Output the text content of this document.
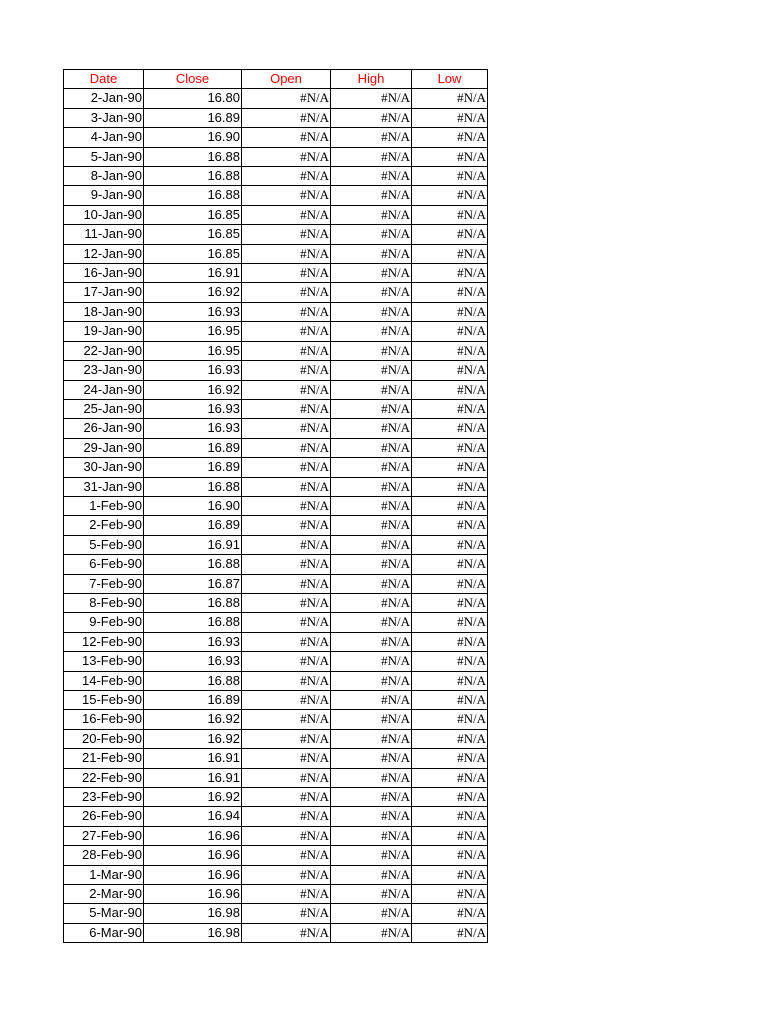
Date	Close	Open	High	Low
2-Jan-90	16.80	#N/A	#N/A	#N/A
3-Jan-90	16.89	#N/A	#N/A	#N/A
4-Jan-90	16.90	#N/A	#N/A	#N/A
5-Jan-90	16.88	#N/A	#N/A	#N/A
8-Jan-90	16.88	#N/A	#N/A	#N/A
9-Jan-90	16.88	#N/A	#N/A	#N/A
10-Jan-90	16.85	#N/A	#N/A	#N/A
11-Jan-90	16.85	#N/A	#N/A	#N/A
12-Jan-90	16.85	#N/A	#N/A	#N/A
16-Jan-90	16.91	#N/A	#N/A	#N/A
17-Jan-90	16.92	#N/A	#N/A	#N/A
18-Jan-90	16.93	#N/A	#N/A	#N/A
19-Jan-90	16.95	#N/A	#N/A	#N/A
22-Jan-90	16.95	#N/A	#N/A	#N/A
23-Jan-90	16.93	#N/A	#N/A	#N/A
24-Jan-90	16.92	#N/A	#N/A	#N/A
25-Jan-90	16.93	#N/A	#N/A	#N/A
26-Jan-90	16.93	#N/A	#N/A	#N/A
29-Jan-90	16.89	#N/A	#N/A	#N/A
30-Jan-90	16.89	#N/A	#N/A	#N/A
31-Jan-90	16.88	#N/A	#N/A	#N/A
1-Feb-90	16.90	#N/A	#N/A	#N/A
2-Feb-90	16.89	#N/A	#N/A	#N/A
5-Feb-90	16.91	#N/A	#N/A	#N/A
6-Feb-90	16.88	#N/A	#N/A	#N/A
7-Feb-90	16.87	#N/A	#N/A	#N/A
8-Feb-90	16.88	#N/A	#N/A	#N/A
9-Feb-90	16.88	#N/A	#N/A	#N/A
12-Feb-90	16.93	#N/A	#N/A	#N/A
13-Feb-90	16.93	#N/A	#N/A	#N/A
14-Feb-90	16.88	#N/A	#N/A	#N/A
15-Feb-90	16.89	#N/A	#N/A	#N/A
16-Feb-90	16.92	#N/A	#N/A	#N/A
20-Feb-90	16.92	#N/A	#N/A	#N/A
21-Feb-90	16.91	#N/A	#N/A	#N/A
22-Feb-90	16.91	#N/A	#N/A	#N/A
23-Feb-90	16.92	#N/A	#N/A	#N/A
26-Feb-90	16.94	#N/A	#N/A	#N/A
27-Feb-90	16.96	#N/A	#N/A	#N/A
28-Feb-90	16.96	#N/A	#N/A	#N/A
1-Mar-90	16.96	#N/A	#N/A	#N/A
2-Mar-90	16.96	#N/A	#N/A	#N/A
5-Mar-90	16.98	#N/A	#N/A	#N/A
6-Mar-90	16.98	#N/A	#N/A	#N/A
